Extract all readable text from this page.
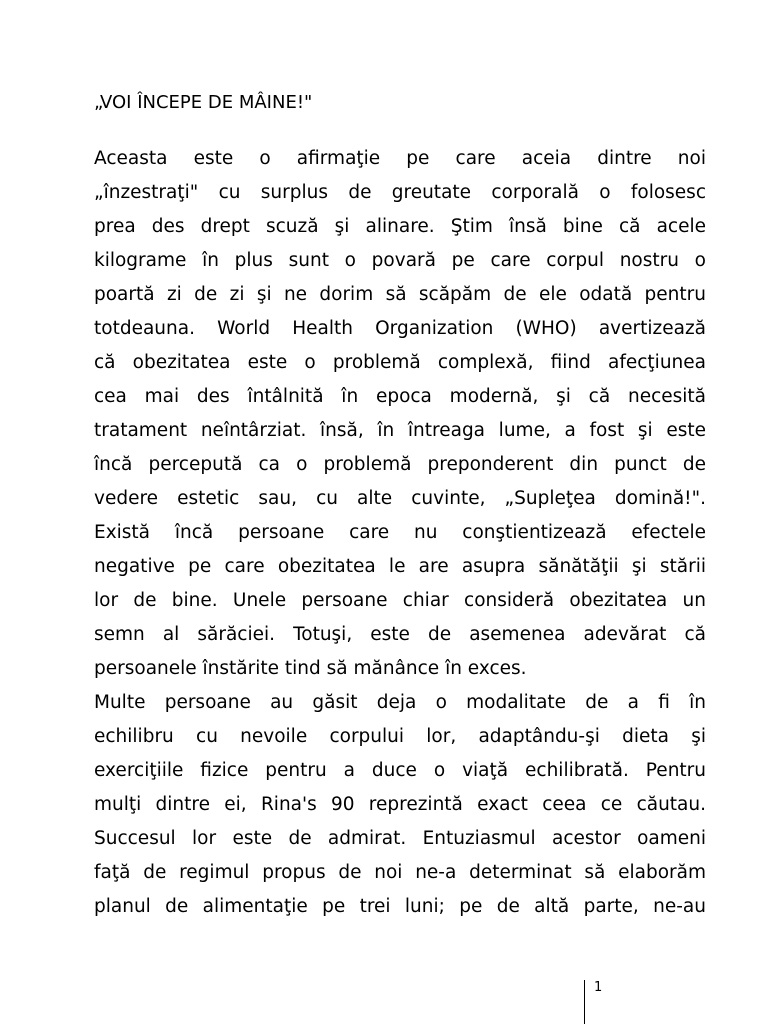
„VOI ÎNCEPE DE MÂINE!"
Aceasta este o afirmaţie pe care aceia dintre noi
„înzestraţi" cu surplus de greutate corporală o folosesc
prea des drept scuză şi alinare. Ştim însă bine că acele
kilograme în plus sunt o povară pe care corpul nostru o
poartă zi de zi şi ne dorim să scăpăm de ele odată pentru
totdeauna. World Health Organization (WHO) avertizează
că obezitatea este o problemă complexă, fiind afecţiunea
cea mai des întâlnită în epoca modernă, şi că necesită
tratament neîntârziat. însă, în întreaga lume, a fost şi este
încă percepută ca o problemă preponderent din punct de
vedere estetic sau, cu alte cuvinte, „Supleţea domină!".
Există încă persoane care nu conştientizează efectele
negative pe care obezitatea le are asupra sănătăţii şi stării
lor de bine. Unele persoane chiar consideră obezitatea un
semn al sărăciei. Totuşi, este de asemenea adevărat că
persoanele înstărite tind să mănânce în exces.
Multe persoane au găsit deja o modalitate de a fi în
echilibru cu nevoile corpului lor, adaptându-şi dieta şi
exerciţiile fizice pentru a duce o viaţă echilibrată. Pentru
mulţi dintre ei, Rina's 90 reprezintă exact ceea ce căutau.
Succesul lor este de admirat. Entuziasmul acestor oameni
faţă de regimul propus de noi ne-a determinat să elaborăm
planul de alimentaţie pe trei luni; pe de altă parte, ne-au
1
